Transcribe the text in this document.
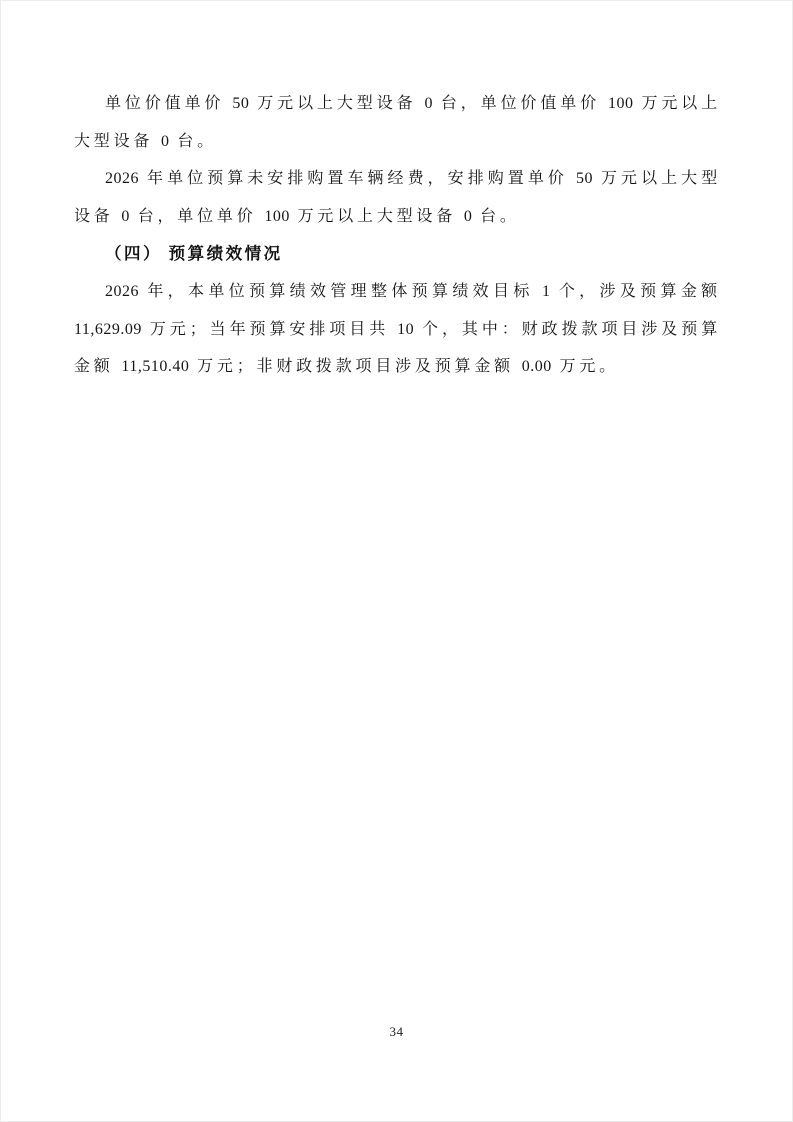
单位价值单价 50 万元以上大型设备 0 台，单位价值单价 100 万元以上大型设备 0 台。

2026 年单位预算未安排购置车辆经费，安排购置单价 50 万元以上大型设备 0 台，单位单价 100 万元以上大型设备 0 台。

（四） 预算绩效情况

2026 年，本单位预算绩效管理整体预算绩效目标 1 个，涉及预算金额 11,629.09 万元；当年预算安排项目共 10 个，其中：财政拨款项目涉及预算金额 11,510.40 万元；非财政拨款项目涉及预算金额 0.00 万元。

34
